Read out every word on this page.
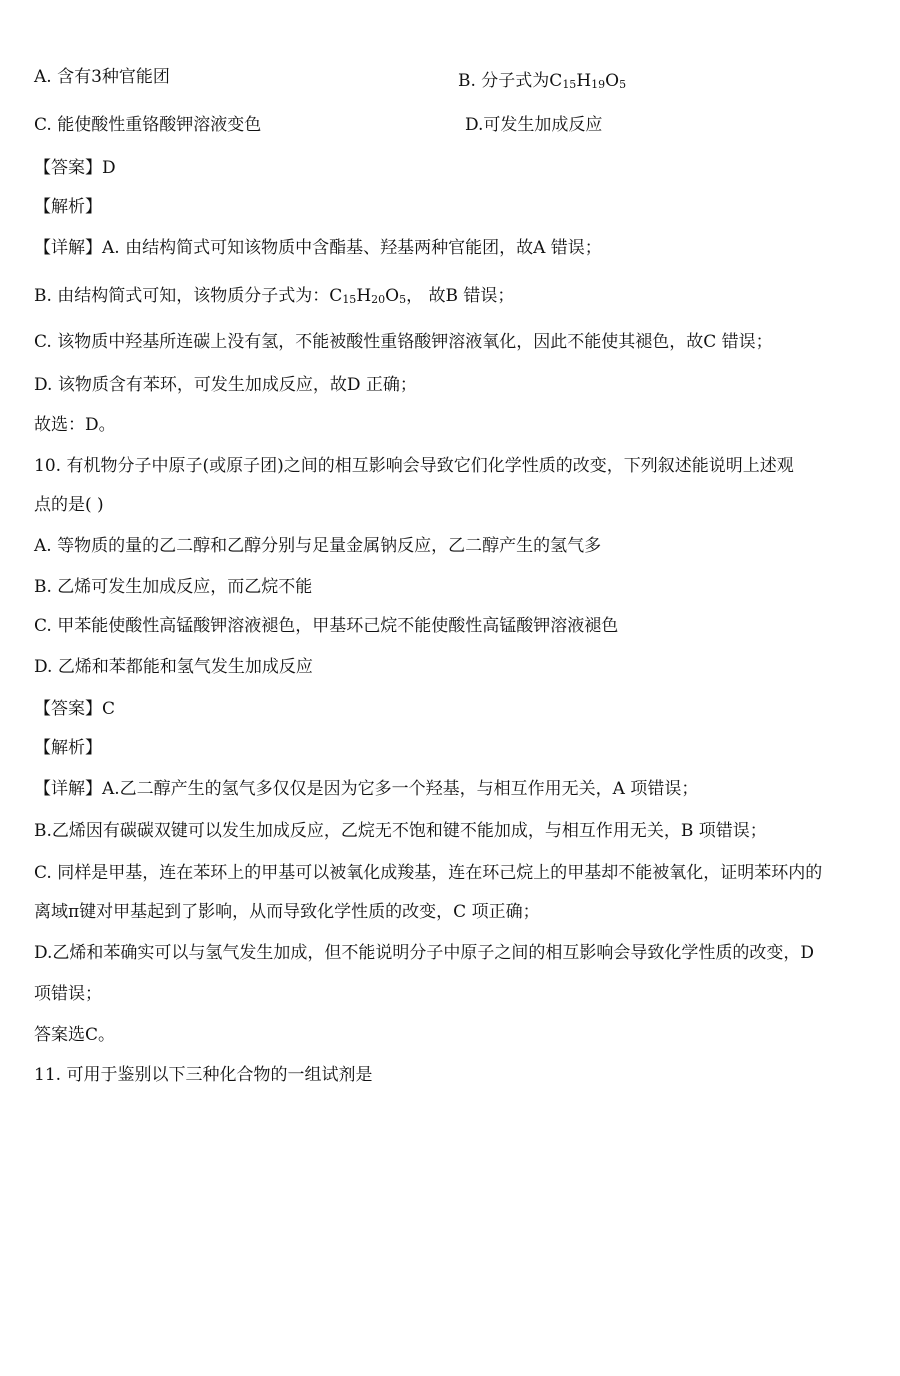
A. 含有3种官能团	B. 分子式为$C_{15}H_{19}O_5$
C. 能使酸性重铬酸钾溶液变色	D.可发生加成反应
【答案】D
【解析】
【详解】A. 由结构简式可知该物质中含酯基、羟基两种官能团，故A 错误；
B. 由结构简式可知，该物质分子式为：$C_{15}H_{20}O_5$， 故B 错误；
C. 该物质中羟基所连碳上没有氢，不能被酸性重铬酸钾溶液氧化，因此不能使其褪色，故C 错误；
D. 该物质含有苯环，可发生加成反应，故D 正确；
故选：D。
10. 有机物分子中原子(或原子团)之间的相互影响会导致它们化学性质的改变，下列叙述能说明上述观
点的是( )
A. 等物质的量的乙二醇和乙醇分别与足量金属钠反应，乙二醇产生的氢气多
B. 乙烯可发生加成反应，而乙烷不能
C. 甲苯能使酸性高锰酸钾溶液褪色，甲基环己烷不能使酸性高锰酸钾溶液褪色
D. 乙烯和苯都能和氢气发生加成反应
【答案】C
【解析】
【详解】A.乙二醇产生的氢气多仅仅是因为它多一个羟基，与相互作用无关，A 项错误；
B.乙烯因有碳碳双键可以发生加成反应，乙烷无不饱和键不能加成，与相互作用无关，B 项错误；
C. 同样是甲基，连在苯环上的甲基可以被氧化成羧基，连在环己烷上的甲基却不能被氧化，证明苯环内的
离域π键对甲基起到了影响，从而导致化学性质的改变，C 项正确；
D.乙烯和苯确实可以与氢气发生加成，但不能说明分子中原子之间的相互影响会导致化学性质的改变，D
项错误；
答案选C。
11. 可用于鉴别以下三种化合物的一组试剂是
